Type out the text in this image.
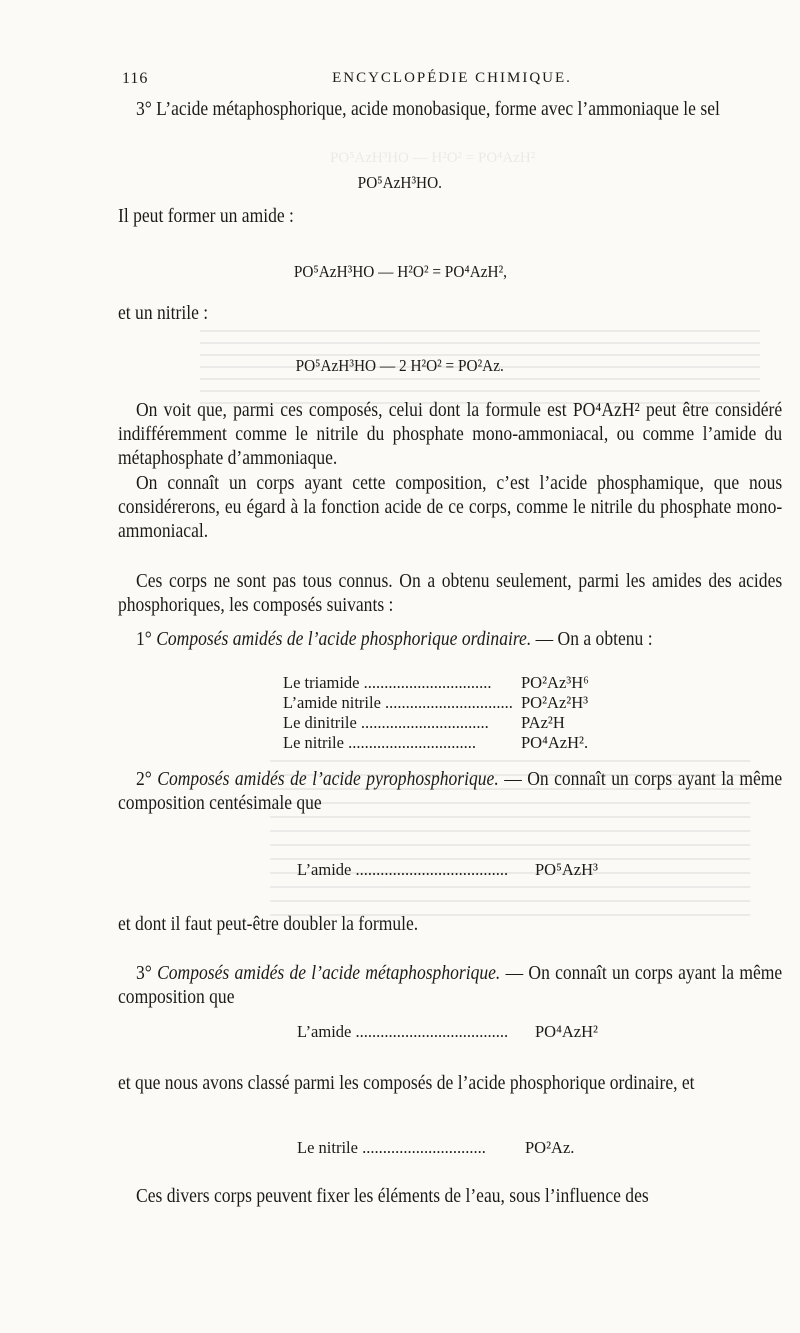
PO⁵AzH³HO — H²O² = PO⁴AzH²
116	ENCYCLOPÉDIE CHIMIQUE.

3° L’acide métaphosphorique, acide monobasique, forme avec l’ammoniaque le sel

PO⁵AzH³HO.

Il peut former un amide :

PO⁵AzH³HO — H²O² = PO⁴AzH²,

et un nitrile :

PO⁵AzH³HO — 2 H²O² = PO²Az.

On voit que, parmi ces composés, celui dont la formule est PO⁴AzH² peut être considéré indifféremment comme le nitrile du phosphate mono-ammoniacal, ou comme l’amide du métaphosphate d’ammoniaque.

On connaît un corps ayant cette composition, c’est l’acide phosphamique, que nous considérerons, eu égard à la fonction acide de ce corps, comme le nitrile du phosphate mono-ammoniacal.

Ces corps ne sont pas tous connus. On a obtenu seulement, parmi les amides des acides phosphoriques, les composés suivants :

1° Composés amidés de l’acide phosphorique ordinaire. — On a obtenu :

Le triamide ...............................	PO²Az³H⁶
L’amide nitrile ............................... PO²Az²H³
Le dinitrile ...............................	PAz²H
Le nitrile ...............................	PO⁴AzH².

2° Composés amidés de l’acide pyrophosphorique. — On connaît un corps ayant la même composition centésimale que

L’amide .....................................	PO⁵AzH³

et dont il faut peut-être doubler la formule.

3° Composés amidés de l’acide métaphosphorique. — On connaît un corps ayant la même composition que

L’amide .....................................	PO⁴AzH²

et que nous avons classé parmi les composés de l’acide phosphorique ordinaire, et

Le nitrile ..............................	PO²Az.

Ces divers corps peuvent fixer les éléments de l’eau, sous l’influence des
